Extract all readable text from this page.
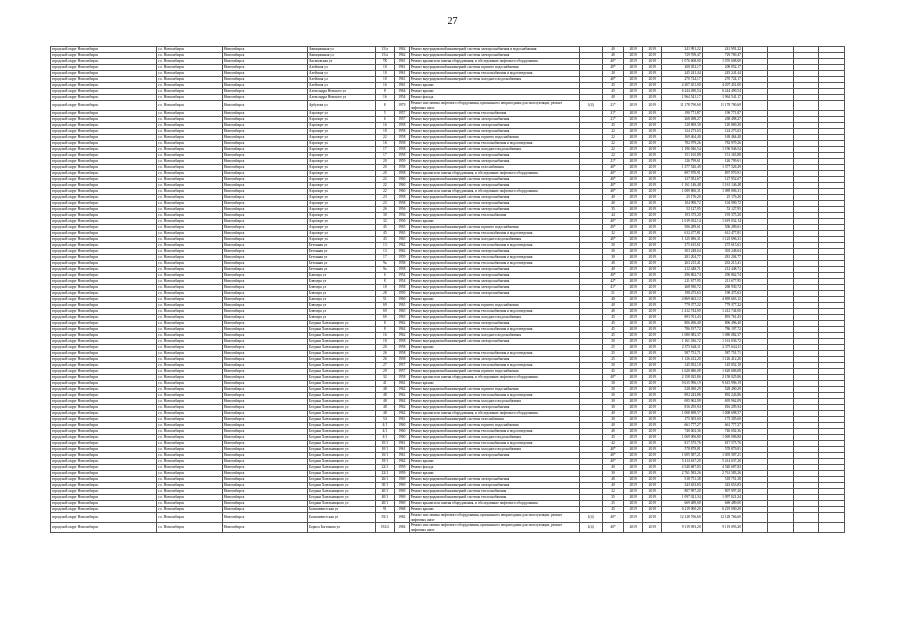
27
городской округ Новосибирск	г.о. Новосибирск	Новосибирск	Авиационная ул	15/а	1962	Ремонт внутридомовой инженерной системы электроснабжения и водоснабжения		40	2019	2019	241 991,22	241 991,22				
городской округ Новосибирск	г.о. Новосибирск	Новосибирск	Авиационная ул	15/а	1962	Ремонт внутридомовой инженерной системы электроснабжения		40	2019	2019	729 769,47	729 769,47				
городской округ Новосибирск	г.о. Новосибирск	Новосибирск	Аксаковская ул	7К	1961	Ремонт крыши или замена оборудования, и обследование лифтового оборудования		40*	2019	2019	1 076 608,00	1 076 608,00				
городской округ Новосибирск	г.о. Новосибирск	Новосибирск	Алейская ул	10	1961	Ремонт внутридомовой инженерной системы горячего водоснабжения		40*	2019	2019	208 052,17	208 052,17				
городской округ Новосибирск	г.о. Новосибирск	Новосибирск	Алейская ул	10	1961	Ремонт внутридомовой инженерной системы теплоснабжения и водоотведения		20	2019	2019	245 241,44	245 241,44				
городской округ Новосибирск	г.о. Новосибирск	Новосибирск	Алейская ул	10	1961	Ремонт внутридомовой инженерной системы холодного водоснабжения		40*	2019	2019	270 724,17	270 724,17				
городской округ Новосибирск	г.о. Новосибирск	Новосибирск	Алейская ул	16	1961	Ремонт крыши		45	2019	2019	4 207 451,00	4 207 451,00				
городской округ Новосибирск	г.о. Новосибирск	Новосибирск	Александра Невского ул	8	1964	Ремонт крыши		45	2019	2019	6 244 490,54	6 244 490,54				
городской округ Новосибирск	г.о. Новосибирск	Новосибирск	Александра Невского ул	16	1954	Ремонт фасада		40	2019	2019	1 964 541,17	1 964 541,17				
городской округ Новосибирск	г.о. Новосибирск	Новосибирск	Арбузова ул	8	1979	Ремонт или замена лифтового оборудования, признанного непригодным для эксплуатации, ремонт лифтовых шахт	1(4)	21*	2019	2019	11 178 790,60	11 178 790,60				
городской округ Новосибирск	г.о. Новосибирск	Новосибирск	Аэропорт ул	5	1957	Ремонт внутридомовой инженерной системы теплоснабжения		21*	2019	2019	190 771,87	190 771,87				
городской округ Новосибирск	г.о. Новосибирск	Новосибирск	Аэропорт ул	6	1957	Ремонт внутридомовой инженерной системы электроснабжения		21*	2019	2019	268 498,27	268 498,27				
городской округ Новосибирск	г.о. Новосибирск	Новосибирск	Аэропорт ул	16	1958	Ремонт внутридомовой инженерной системы электроснабжения		45	2019	2019	120 869,30	120 869,30				
городской округ Новосибирск	г.о. Новосибирск	Новосибирск	Аэропорт ул	18	1958	Ремонт внутридомовой инженерной системы электроснабжения		22	2019	2019	124 273,63	124 273,63				
городской округ Новосибирск	г.о. Новосибирск	Новосибирск	Аэропорт ул	22	1958	Ремонт внутридомовой инженерной системы горячего водоснабжения		22	2019	2019	169 464,40	169 464,40				
городской округ Новосибирск	г.о. Новосибирск	Новосибирск	Аэропорт ул	16	1958	Ремонт внутридомовой инженерной системы теплоснабжения и водоотведения		22	2019	2019	782 979,26	782 979,26				
городской округ Новосибирск	г.о. Новосибирск	Новосибирск	Аэропорт ул	17	1958	Ремонт внутридомовой инженерной системы холодного водоснабжения		22	2019	2019	1 196 946,54	1 196 946,54				
городской округ Новосибирск	г.о. Новосибирск	Новосибирск	Аэропорт ул	17	1958	Ремонт внутридомовой инженерной системы электроснабжения		22	2019	2019	151 165,88	151 165,88				
городской округ Новосибирск	г.о. Новосибирск	Новосибирск	Аэропорт ул	20	1959	Ремонт внутридомовой инженерной системы электроснабжения		21*	2019	2019	126 799,61	126 799,61				
городской округ Новосибирск	г.о. Новосибирск	Новосибирск	Аэропорт ул	20	1958	Ремонт внутридомовой инженерной системы газоснабжения		40*	2019	2019	1 377 526,49	1 377 526,49				
городской округ Новосибирск	г.о. Новосибирск	Новосибирск	Аэропорт ул	20	1958	Ремонт крыши или замена оборудования, и обследование лифтового оборудования		40*	2019	2019	897 970,91	897 970,91				
городской округ Новосибирск	г.о. Новосибирск	Новосибирск	Аэропорт ул	22	1960	Ремонт внутридомовой инженерной системы электроснабжения		40*	2019	2019	127 952,67	127 952,67				
городской округ Новосибирск	г.о. Новосибирск	Новосибирск	Аэропорт ул	22	1960	Ремонт внутридомовой инженерной системы электроснабжения		40*	2019	2019	1 161 146,48	1 161 146,48				
городской округ Новосибирск	г.о. Новосибирск	Новосибирск	Аэропорт ул	22	1960	Ремонт крыши или замена оборудования, и обследование лифтового оборудования		40*	2019	2019	1 089 806,31	1 089 806,31				
городской округ Новосибирск	г.о. Новосибирск	Новосибирск	Аэропорт ул	23	1958	Ремонт внутридомовой инженерной системы электроснабжения		40	2019	2019	25 176,20	25 176,20				
городской округ Новосибирск	г.о. Новосибирск	Новосибирск	Аэропорт ул	23	1958	Ремонт внутридомовой инженерной системы электроснабжения		40	2019	2019	104 990,72	104 990,72				
городской округ Новосибирск	г.о. Новосибирск	Новосибирск	Аэропорт ул	26	1956	Ремонт внутридомовой инженерной системы электроснабжения		35	2019	2019	53 127,95	53 127,95				
городской округ Новосибирск	г.о. Новосибирск	Новосибирск	Аэропорт ул	30	1956	Ремонт внутридомовой инженерной системы теплоснабжения		44	2019	2019	193 375,20	193 375,20				
городской округ Новосибирск	г.о. Новосибирск	Новосибирск	Аэропорт ул	32	1956	Ремонт крыши		40*	2019	2019	1 619 032,14	1 619 032,14				
городской округ Новосибирск	г.о. Новосибирск	Новосибирск	Аэропорт ул	45	1965	Ремонт внутридомовой инженерной системы горячего водоснабжения		40*	2019	2019	506 289,61	506 289,61				
городской округ Новосибирск	г.о. Новосибирск	Новосибирск	Аэропорт ул	45	1965	Ремонт внутридомовой инженерной системы теплоснабжения и водоотведения		32	2019	2019	612 477,81	612 477,81				
городской округ Новосибирск	г.о. Новосибирск	Новосибирск	Аэропорт ул	45	1965	Ремонт внутридомовой инженерной системы холодного водоснабжения		40*	2019	2019	1 125 696,31	1 125 696,31				
городской округ Новосибирск	г.о. Новосибирск	Новосибирск	Бетонная ул	13	1962	Ремонт внутридомовой инженерной системы теплоснабжения и водоотведения		30	2019	2019	275 615,61	275 615,61				
городской округ Новосибирск	г.о. Новосибирск	Новосибирск	Бетонная ул	13	1962	Ремонт внутридомовой инженерной системы электроснабжения		30	2019	2019	303 248,64	303 248,64				
городской округ Новосибирск	г.о. Новосибирск	Новосибирск	Бетонная ул	17	1959	Ремонт внутридомовой инженерной системы теплоснабжения и водоотведения		30	2019	2019	281 204,77	281 204,77				
городской округ Новосибирск	г.о. Новосибирск	Новосибирск	Бетонная ул	9а	1958	Ремонт внутридомовой инженерной системы теплоснабжения и водоотведения		40	2019	2019	263 215,41	263 215,41				
городской округ Новосибирск	г.о. Новосибирск	Новосибирск	Бетонная ул	9а	1958	Ремонт внутридомовой инженерной системы электроснабжения		40	2019	2019	212 448,71	212 448,71				
городской округ Новосибирск	г.о. Новосибирск	Новосибирск	Блюхера ул	6	1954	Ремонт внутридомовой инженерной системы электроснабжения		40*	2019	2019	296 862,74	296 862,74				
городской округ Новосибирск	г.о. Новосибирск	Новосибирск	Блюхера ул	8	1954	Ремонт внутридомовой инженерной системы электроснабжения		42*	2019	2019	211 677,95	211 677,95				
городской округ Новосибирск	г.о. Новосибирск	Новосибирск	Блюхера ул	18	1958	Ремонт внутридомовой инженерной системы электроснабжения		41*	2019	2019	268 930,72	268 930,72				
городской округ Новосибирск	г.о. Новосибирск	Новосибирск	Блюхера ул	28	1959	Ремонт внутридомовой инженерной системы электроснабжения		31	2019	2019	198 475,63	198 475,63				
городской округ Новосибирск	г.о. Новосибирск	Новосибирск	Блюхера ул	51	1960	Ремонт крыши		40	2019	2019	4 869 663,12	4 869 663,12				
городской округ Новосибирск	г.о. Новосибирск	Новосибирск	Блюхера ул	69	1965	Ремонт внутридомовой инженерной системы горячего водоснабжения		40	2019	2019	779 377,22	779 377,22				
городской округ Новосибирск	г.о. Новосибирск	Новосибирск	Блюхера ул	69	1965	Ремонт внутридомовой инженерной системы теплоснабжения и водоотведения		40	2019	2019	1 412 744,00	1 412 744,00				
городской округ Новосибирск	г.о. Новосибирск	Новосибирск	Блюхера ул	69	1965	Ремонт внутридомовой инженерной системы холодного водоснабжения		45	2019	2019	893 761,43	893 761,43				
городской округ Новосибирск	г.о. Новосибирск	Новосибирск	Богдана Хмельницкого ул	8	1962	Ремонт внутридомовой инженерной системы электроснабжения		45	2019	2019	806 496,40	806 496,40				
городской округ Новосибирск	г.о. Новосибирск	Новосибирск	Богдана Хмельницкого ул	8	1962	Ремонт внутридомовой инженерной системы теплоснабжения и водоотведения		45	2019	2019	786 197,72	786 197,72				
городской округ Новосибирск	г.о. Новосибирск	Новосибирск	Богдана Хмельницкого ул	16	1962	Ремонт внутридомовой инженерной системы холодного водоснабжения		45	2019	2019	1 080 082,37	1 080 082,37				
городской округ Новосибирск	г.о. Новосибирск	Новосибирск	Богдана Хмельницкого ул	18	1958	Ремонт внутридомовой инженерной системы электроснабжения		30	2019	2019	1 161 036,72	1 161 036,72				
городской округ Новосибирск	г.о. Новосибирск	Новосибирск	Богдана Хмельницкого ул	20	1958	Ремонт крыши		25	2019	2019	2 375 644,11	2 375 644,11				
городской округ Новосибирск	г.о. Новосибирск	Новосибирск	Богдана Хмельницкого ул	26	1958	Ремонт внутридомовой инженерной системы теплоснабжения и водоотведения		25	2019	2019	587 751,71	587 751,71				
городской округ Новосибирск	г.о. Новосибирск	Новосибирск	Богдана Хмельницкого ул	26	1958	Ремонт внутридомовой инженерной системы электроснабжения		25	2019	2019	1 126 412,20	1 126 412,20				
городской округ Новосибирск	г.о. Новосибирск	Новосибирск	Богдана Хмельницкого ул	27	1957	Ремонт внутридомовой инженерной системы теплоснабжения и водоотведения		30	2019	2019	145 052,10	145 052,10				
городской округ Новосибирск	г.о. Новосибирск	Новосибирск	Богдана Хмельницкого ул	29	1957	Ремонт внутридомовой инженерной системы горячего водоснабжения		45	2019	2019	1 620 686,08	1 620 686,08				
городской округ Новосибирск	г.о. Новосибирск	Новосибирск	Богдана Хмельницкого ул	32	1958	Ремонт крыши или замена оборудования, и обследование лифтового оборудования		40*	2019	2019	2 158 025,86	2 158 025,86				
городской округ Новосибирск	г.о. Новосибирск	Новосибирск	Богдана Хмельницкого ул	41	1961	Ремонт крыши		30	2019	2019	9 615 996,19	9 615 996,19				
городской округ Новосибирск	г.о. Новосибирск	Новосибирск	Богдана Хмельницкого ул	48	1962	Ремонт внутридомовой инженерной системы горячего водоснабжения		30	2019	2019	528 490,29	528 490,29				
городской округ Новосибирск	г.о. Новосибирск	Новосибирск	Богдана Хмельницкого ул	48	1962	Ремонт внутридомовой инженерной системы теплоснабжения и водоотведения		30	2019	2019	892 243,86	892 243,86				
городской округ Новосибирск	г.о. Новосибирск	Новосибирск	Богдана Хмельницкого ул	48	1962	Ремонт внутридомовой инженерной системы холодного водоснабжения		30	2019	2019	695 962,09	695 962,09				
городской округ Новосибирск	г.о. Новосибирск	Новосибирск	Богдана Хмельницкого ул	48	1962	Ремонт внутридомовой инженерной системы электроснабжения		30	2019	2019	816 295,94	816 295,94				
городской округ Новосибирск	г.о. Новосибирск	Новосибирск	Богдана Хмельницкого ул	48	1962	Ремонт крыши или замена оборудования, и обследование лифтового оборудования		40	2019	2019	1 008 698,57	1 008 698,57				
городской округ Новосибирск	г.о. Новосибирск	Новосибирск	Богдана Хмельницкого ул	54	1961	Ремонт внутридомовой инженерной системы газоснабжения		30	2019	2019	175 305,60	175 305,60				
городской округ Новосибирск	г.о. Новосибирск	Новосибирск	Богдана Хмельницкого ул	4/1	1960	Ремонт внутридомовой инженерной системы горячего водоснабжения		40	2019	2019	661 777,27	661 777,27				
городской округ Новосибирск	г.о. Новосибирск	Новосибирск	Богдана Хмельницкого ул	4/1	1960	Ремонт внутридомовой инженерной системы теплоснабжения и водоотведения		40	2019	2019	740 002,36	740 002,36				
городской округ Новосибирск	г.о. Новосибирск	Новосибирск	Богдана Хмельницкого ул	4/1	1960	Ремонт внутридомовой инженерной системы холодного водоснабжения		45	2019	2019	1 069 006,80	1 069 006,80				
городской округ Новосибирск	г.о. Новосибирск	Новосибирск	Богдана Хмельницкого ул	10/1	1961	Ремонт внутридомовой инженерной системы теплоснабжения и водоотведения		42	2019	2019	817 575,76	817 575,76				
городской округ Новосибирск	г.о. Новосибирск	Новосибирск	Богдана Хмельницкого ул	10/1	1961	Ремонт внутридомовой инженерной системы холодного водоснабжения		40*	2019	2019	578 879,81	578 879,81				
городской округ Новосибирск	г.о. Новосибирск	Новосибирск	Богдана Хмельницкого ул	16/1	1961	Ремонт внутридомовой инженерной системы электроснабжения		40*	2019	2019	1 005 587,21	1 005 587,21				
городской округ Новосибирск	г.о. Новосибирск	Новосибирск	Богдана Хмельницкого ул	18/1	1962	Ремонт крыши		40*	2019	2019	5 414 637,20	5 414 637,20				
городской округ Новосибирск	г.о. Новосибирск	Новосибирск	Богдана Хмельницкого ул	22/1	1959	Ремонт фасада		40	2019	2019	4 540 687,83	4 540 687,83				
городской округ Новосибирск	г.о. Новосибирск	Новосибирск	Богдана Хмельницкого ул	22/1	1959	Ремонт крыши		30	2019	2019	2 761 583,26	2 761 583,26				
городской округ Новосибирск	г.о. Новосибирск	Новосибирск	Богдана Хмельницкого ул	26/1	1969	Ремонт внутридомовой инженерной системы электроснабжения		40	2019	2019	518 751,38	518 751,38				
городской округ Новосибирск	г.о. Новосибирск	Новосибирск	Богдана Хмельницкого ул	30/1	1969	Ремонт внутридомовой инженерной системы электроснабжения		40	2019	2019	343 653,83	343 653,83				
городской округ Новосибирск	г.о. Новосибирск	Новосибирск	Богдана Хмельницкого ул	40/1	1969	Ремонт внутридомовой инженерной системы теплоснабжения		32	2019	2019	807 997,20	807 997,20				
городской округ Новосибирск	г.о. Новосибирск	Новосибирск	Богдана Хмельницкого ул	40/1	1969	Ремонт внутридомовой инженерной системы теплоснабжения		35	2019	2019	1 097 021,34	1 097 021,34				
городской округ Новосибирск	г.о. Новосибирск	Новосибирск	Богдана Хмельницкого ул	40/1	1969	Ремонт крыши или замена оборудования, и обследование лифтового оборудования		25	2019	2019	669 489,00	669 489,00				
городской округ Новосибирск	г.о. Новосибирск	Новосибирск	Большевистская ул	91	1968	Ремонт крыши		45	2019	2019	6 219 000,20	6 219 000,20				
городской округ Новосибирск	г.о. Новосибирск	Новосибирск	Большевистская ул	93/1	1982	Ремонт или замена лифтового оборудования, признанного непригодным для эксплуатации, ремонт лифтовых шахт	1(4)	40*	2019	2019	12 128 766,60	12 128 766,60				
городской округ Новосибирск	г.о. Новосибирск	Новосибирск	Бориса Богаткова ул	192/2	1982	Ремонт или замена лифтового оборудования, признанного непригодным для эксплуатации, ремонт лифтовых шахт	1(4)	40*	2019	2019	9 119 093,20	9 119 093,20				
